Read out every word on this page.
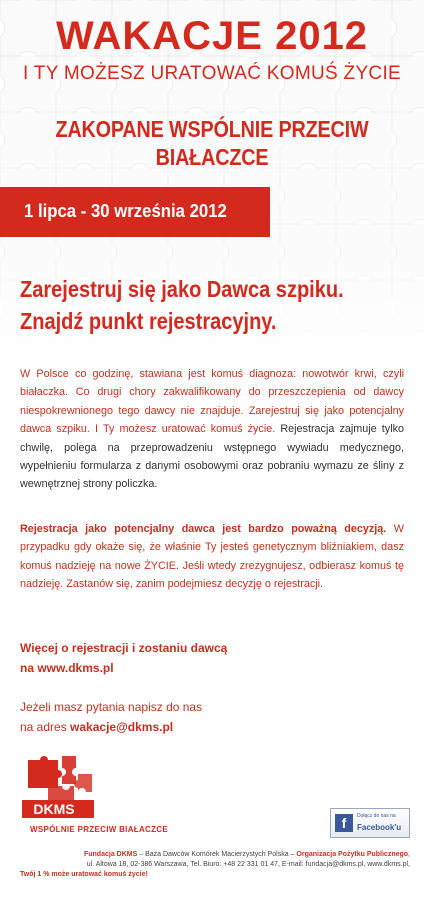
WAKACJE 2012
I TY MOŻESZ URATOWAĆ KOMUŚ ŻYCIE
ZAKOPANE WSPÓLNIE PRZECIW BIAŁACZCE
1 lipca - 30 września 2012
Zarejestruj się jako Dawca szpiku.
Znajdź punkt rejestracyjny.
W Polsce co godzinę, stawiana jest komuś diagnoza: nowotwór krwi, czyli białaczka. Co drugi chory zakwalifikowany do przeszczepienia od dawcy niespokrewnionego tego dawcy nie znajduje. Zarejestruj się jako potencjalny dawca szpiku. I Ty możesz uratować komuś życie. Rejestracja zajmuje tylko chwilę, polega na przeprowadzeniu wstępnego wywiadu medycznego, wypełnieniu formularza z danymi osobowymi oraz pobraniu wymazu ze śliny z wewnętrznej strony policzka.
Rejestracja jako potencjalny dawca jest bardzo poważną decyzją. W przypadku gdy okaże się, że właśnie Ty jesteś genetycznym bliźniakiem, dasz komuś nadzieję na nowe ŻYCIE. Jeśli wtedy zrezygnujesz, odbierasz komuś tę nadzieję. Zastanów się, zanim podejmiesz decyzję o rejestracji.
Więcej o rejestracji i zostaniu dawcą
na www.dkms.pl
Jeżeli masz pytania napisz do nas
na adres wakacje@dkms.pl
DKMS
WSPÓLNIE PRZECIW BIAŁACZCE	f	Dołącz do nas na
Facebook'u
Fundacja DKMS – Baza Dawców Komórek Macierzystych Polska – Organizacja Pożytku Publicznego,
ul. Altowa 18, 02-386 Warszawa, Tel. Biuro: +48 22 331 01 47, E-mail: fundacja@dkms.pl, www.dkms.pl,
Twój 1 % może uratować komuś życie!
